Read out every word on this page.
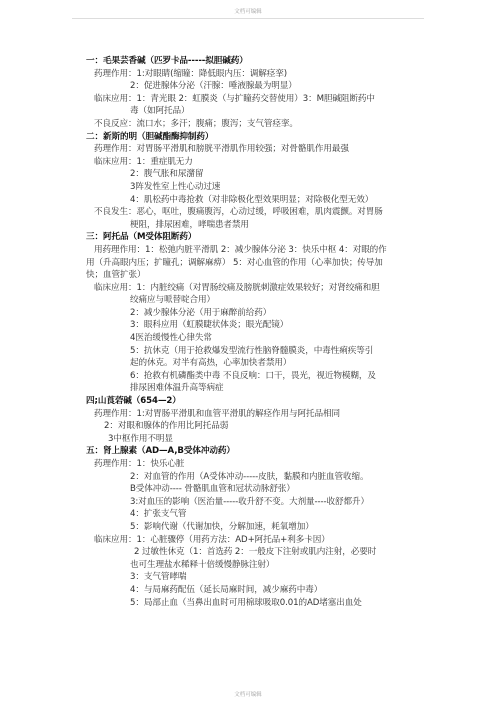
文档可编辑
一：毛果芸香碱（匹罗卡品-----拟胆碱药）
药理作用：1:对眼睛(缩瞳：降低眼内压：调解痉挛)
2：促进腺体分泌（汗腺：唾液腺最为明显）
临床应用：1：青光眼 2：虹膜炎（与扩瞳药交替使用）3：M胆碱阻断药中
毒（如阿托品）
不良反应：流口水；多汗；腹痛；腹泻；支气管痉挛。
二：新斯的明（胆碱酯酶抑制药）
药理作用：对胃肠平滑肌和膀胱平滑肌作用较强；对骨骼肌作用最强
临床应用：1：重症肌无力
2：腹气胀和尿潴留
3阵发性室上性心动过速
4：肌松药中毒抢救（对非除极化型效果明显；对除极化型无效）
不良发生：恶心，呕吐，腹痛腹泻，心动过缓，呼吸困难，肌肉震颤。对胃肠
梗阻，排尿困难，哮喘患者禁用
三：阿托品（M受体阻断药）
用药理作用：1：松弛内脏平滑肌 2：减少腺体分泌 3：快乐中枢 4：对眼的作
用（升高眼内压；扩瞳孔；调解麻痹） 5：对心血管的作用（心率加快；传导加
快；血管扩张）
临床应用：1：内脏绞痛（对胃肠绞痛及膀胱刺激症效果较好；对肾绞痛和胆
绞痛应与哌替啶合用）
2：减少腺体分泌（用于麻醉前给药）
3：眼科应用（虹膜睫状体炎；眼光配镜）
4医治缓慢性心律失常
5：抗休克（用于抢救爆发型流行性脑脊髓膜炎，中毒性痢疾等引
起的休克。对半有高热，心率加快者禁用）
6：抢救有机磷酯类中毒 不良反响：口干，畏光，视近物模糊，及
排尿困难体温升高等病症
四;山莨菪碱（654—2）
药理作用：1:对胃肠平滑肌和血管平滑肌的解痉作用与阿托品相同
2：对眼和腺体的作用比阿托品弱
3中枢作用不明显
五：肾上腺素（AD—A,B受体冲动药）
药理作用：1：快乐心脏
2：对血管的作用（A受体冲动-----皮肤，黏膜和内脏血管收缩。
B受体冲动---- 骨骼肌血管和冠状动脉舒张）
3:对血压的影响（医治量-----收升舒不变。大剂量----收舒都升）
4：扩张支气管
5：影响代谢（代谢加快，分解加速，耗氧增加）
临床应用：1：心脏骤停（用药方法：AD+阿托品+利多卡因）
2 过敏性休克（1：首选药 2：一般皮下注射或肌内注射，必要时
也可生理盐水稀释十倍缓慢静脉注射）
3：支气管哮喘
4：与局麻药配伍（延长局麻时间，减少麻药中毒）
5：局部止血（当鼻出血时可用棉球吸取0.01的AD堵塞出血处
文档可编辑
